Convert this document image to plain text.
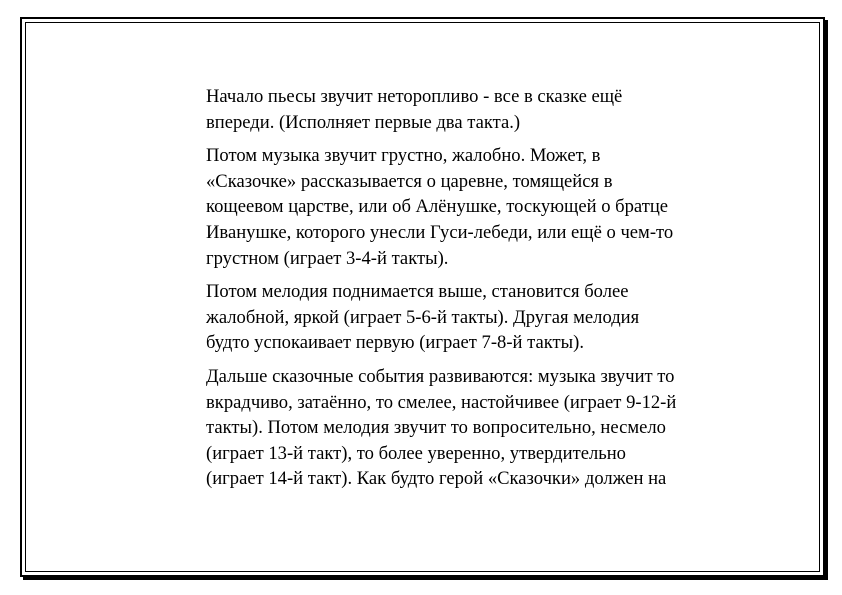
Начало пьесы звучит неторопливо - все в сказке ещё
впереди. (Исполняет первые два такта.)

Потом музыка звучит грустно, жалобно. Может, в
«Сказочке» рассказывается о царевне, томящейся в
кощеевом царстве, или об Алёнушке, тоскующей о братце
Иванушке, которого унесли Гуси-лебеди, или ещё о чем-то
грустном (играет 3-4-й такты).

Потом мелодия поднимается выше, становится более
жалобной, яркой (играет 5-6-й такты). Другая мелодия
будто успокаивает первую (играет 7-8-й такты).

Дальше сказочные события развиваются: музыка звучит то
вкрадчиво, затаённо, то смелее, настойчивее (играет 9-12-й
такты). Потом мелодия звучит то вопросительно, несмело
(играет 13-й такт), то более уверенно, утвердительно
(играет 14-й такт). Как будто герой «Сказочки» должен на
